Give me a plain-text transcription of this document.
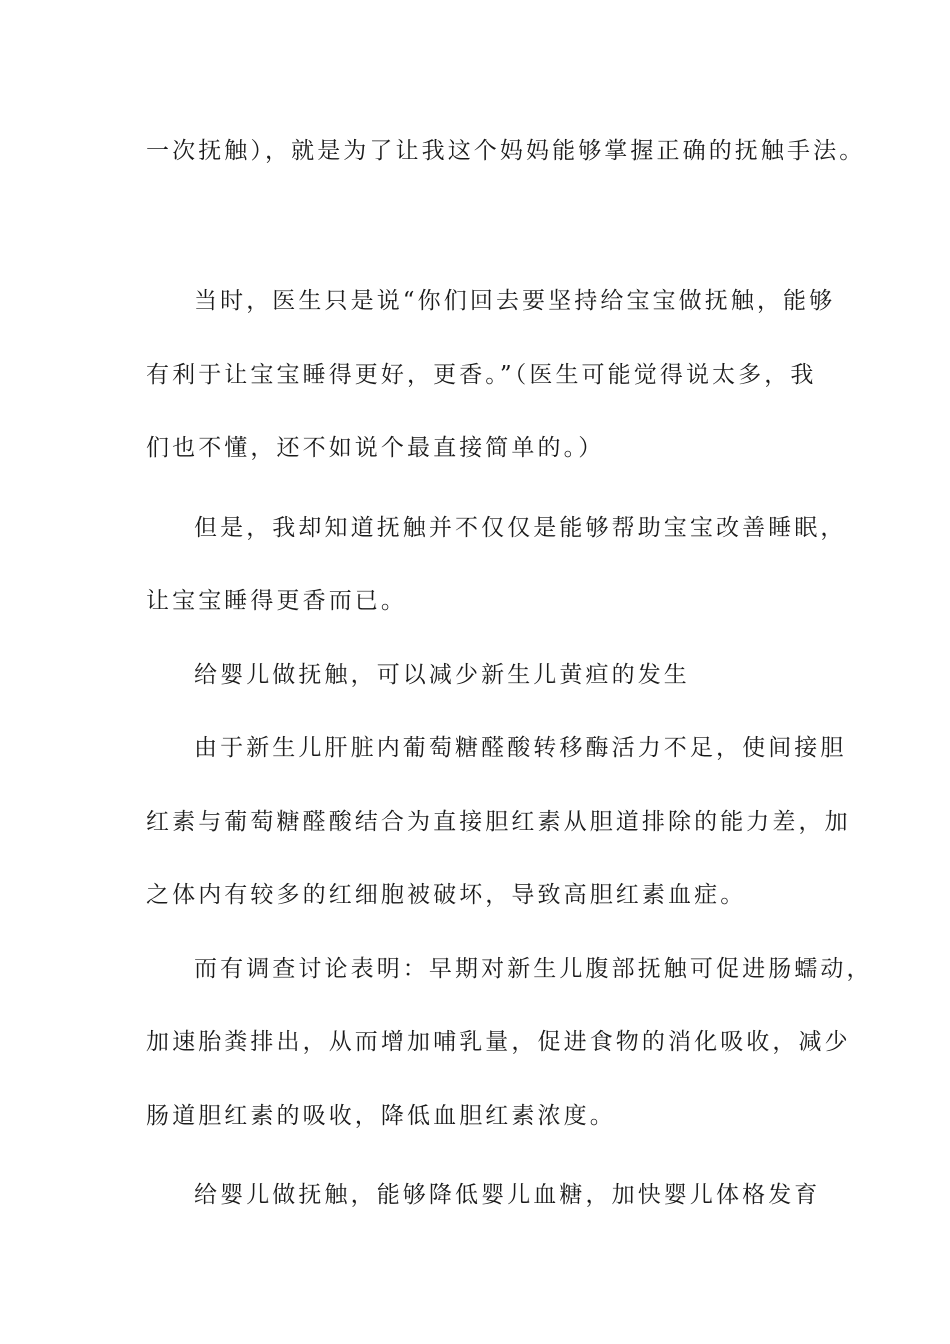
一次抚触），就是为了让我这个妈妈能够掌握正确的抚触手法。
当时，医生只是说“你们回去要坚持给宝宝做抚触，能够
有利于让宝宝睡得更好，更香。”（医生可能觉得说太多，我
们也不懂，还不如说个最直接简单的。）
但是，我却知道抚触并不仅仅是能够帮助宝宝改善睡眠，
让宝宝睡得更香而已。
给婴儿做抚触，可以减少新生儿黄疸的发生
由于新生儿肝脏内葡萄糖醛酸转移酶活力不足，使间接胆
红素与葡萄糖醛酸结合为直接胆红素从胆道排除的能力差，加
之体内有较多的红细胞被破坏，导致高胆红素血症。
而有调查讨论表明：早期对新生儿腹部抚触可促进肠蠕动，
加速胎粪排出，从而增加哺乳量，促进食物的消化吸收，减少
肠道胆红素的吸收，降低血胆红素浓度。
给婴儿做抚触，能够降低婴儿血糖，加快婴儿体格发育
